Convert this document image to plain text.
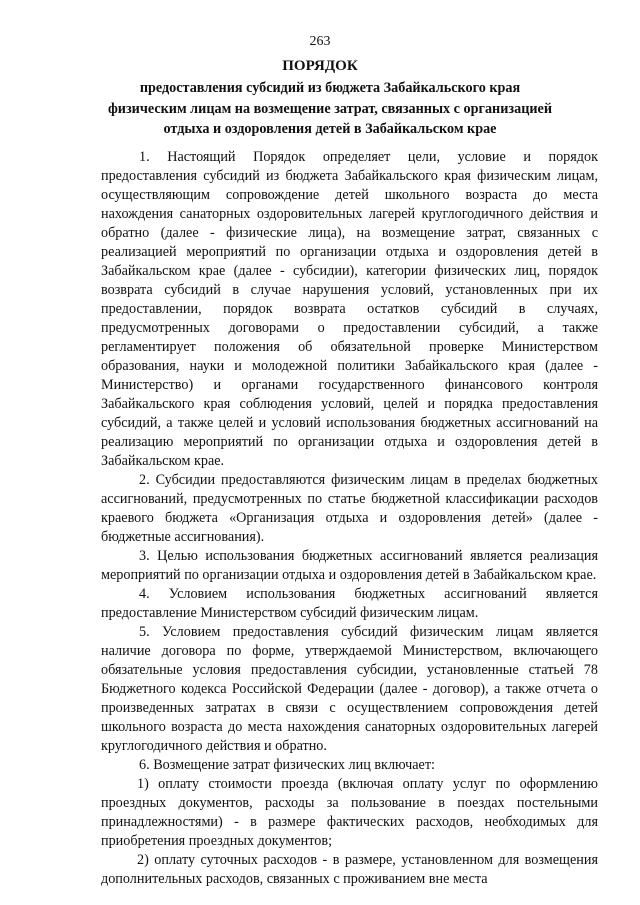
263
ПОРЯДОК
предоставления субсидий из бюджета Забайкальского края физическим лицам на возмещение затрат, связанных с организацией отдыха и оздоровления детей в Забайкальском крае

1. Настоящий Порядок определяет цели, условие и порядок предоставления субсидий из бюджета Забайкальского края физическим лицам, осуществляющим сопровождение детей школьного возраста до места нахождения санаторных оздоровительных лагерей круглогодичного действия и обратно (далее - физические лица), на возмещение затрат, связанных с реализацией мероприятий по организации отдыха и оздоровления детей в Забайкальском крае (далее - субсидии), категории физических лиц, порядок возврата субсидий в случае нарушения условий, установленных при их предоставлении, порядок возврата остатков субсидий в случаях, предусмотренных договорами о предоставлении субсидий, а также регламентирует положения об обязательной проверке Министерством образования, науки и молодежной политики Забайкальского края (далее - Министерство) и органами государственного финансового контроля Забайкальского края соблюдения условий, целей и порядка предоставления субсидий, а также целей и условий использования бюджетных ассигнований на реализацию мероприятий по организации отдыха и оздоровления детей в Забайкальском крае.

2. Субсидии предоставляются физическим лицам в пределах бюджетных ассигнований, предусмотренных по статье бюджетной классификации расходов краевого бюджета «Организация отдыха и оздоровления детей» (далее - бюджетные ассигнования).

3. Целью использования бюджетных ассигнований является реализация мероприятий по организации отдыха и оздоровления детей в Забайкальском крае.

4. Условием использования бюджетных ассигнований является предоставление Министерством субсидий физическим лицам.

5. Условием предоставления субсидий физическим лицам является наличие договора по форме, утверждаемой Министерством, включающего обязательные условия предоставления субсидии, установленные статьей 78 Бюджетного кодекса Российской Федерации (далее - договор), а также отчета о произведенных затратах в связи с осуществлением сопровождения детей школьного возраста до места нахождения санаторных оздоровительных лагерей круглогодичного действия и обратно.

6. Возмещение затрат физических лиц включает:

1) оплату стоимости проезда (включая оплату услуг по оформлению проездных документов, расходы за пользование в поездах постельными принадлежностями) - в размере фактических расходов, необходимых для приобретения проездных документов;

2) оплату суточных расходов - в размере, установленном для возмещения дополнительных расходов, связанных с проживанием вне места
